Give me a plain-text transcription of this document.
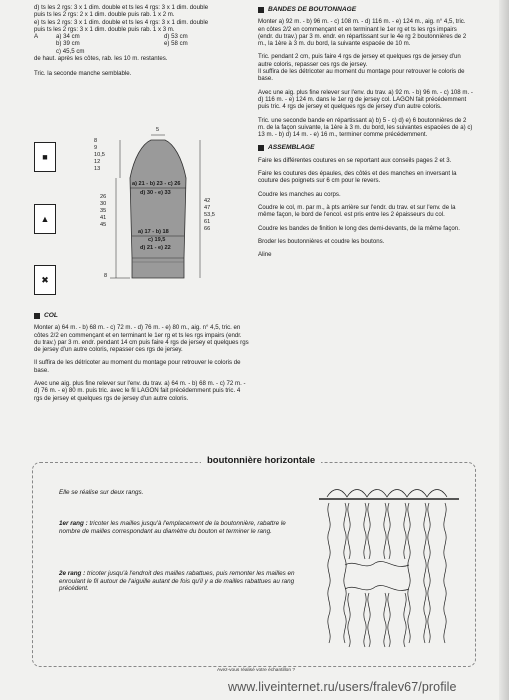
d) ts les 2 rgs: 3 x 1 dim. double et ts les 4 rgs: 3 x 1 dim. double
puis ts les 2 rgs: 2 x 1 dim. double puis rab. 1 x 2 m.
e) ts les 2 rgs: 3 x 1 dim. double et ts les 4 rgs: 3 x 1 dim. double
puis ts les 2 rgs: 3 x 1 dim. double puis rab. 1 x 3 m.
A	a) 34 cm	d) 53 cm
b) 39 cm	e) 58 cm
c) 45,5 cm

de haut. après les côtes, rab. les 10 m. restantes.

Tric. la seconde manche semblable.

■
▲
✖
5
8
9
10,5
12
13
26
30
35
41
45
a) 21 - b) 23 - c) 26
d) 30 - e) 33
42
47
53,5
61
66
a) 17 - b) 18
c) 19,5
d) 21 - e) 22
8
COL

Monter a) 64 m. - b) 68 m. - c) 72 m. - d) 76 m. - e) 80 m., aig. n° 4,5, tric. en côtes 2/2 en commençant et en terminant le 1er rg et ts les rgs impairs (endr. du trav.) par 3 m. endr. pendant 14 cm puis faire 4 rgs de jersey et quelques rgs de jersey d'un autre coloris, repasser ces rgs de jersey.

Il suffira de les détricoter au moment du montage pour retrouver le coloris de base.

Avec une aig. plus fine relever sur l'env. du trav. a) 64 m. - b) 68 m. - c) 72 m. - d) 76 m. - e) 80 m. puis tric. avec le fil LAGON fait précédemment puis tric. 4 rgs de jersey et quelques rgs de jersey d'un autre coloris.

BANDES DE BOUTONNAGE

Monter a) 92 m. - b) 96 m. - c) 108 m. - d) 116 m. - e) 124 m., aig. n° 4,5, tric. en côtes 2/2 en commençant et en terminant le 1er rg et ts les rgs impairs (endr. du trav.) par 3 m. endr. en répartissant sur le 4e rg 2 boutonnières de 2 m., la 1ère à 3 m. du bord, la suivante espacée de 10 m.

Tric. pendant 2 cm, puis faire 4 rgs de jersey et quelques rgs de jersey d'un autre coloris, repasser ces rgs de jersey.

Il suffira de les détricoter au moment du montage pour retrouver le coloris de base.

Avec une aig. plus fine relever sur l'env. du trav. a) 92 m. - b) 96 m. - c) 108 m. - d) 116 m. - e) 124 m. dans le 1er rg de jersey col. LAGON fait précédemment puis tric. 4 rgs de jersey et quelques rgs de jersey d'un autre coloris.

Tric. une seconde bande en répartissant a) b) 5 - c) d) e) 6 boutonnières de 2 m. de la façon suivante, la 1ère à 3 m. du bord, les suivantes espacées de a) c) 13 m. - b) d) 14 m. - e) 16 m., terminer comme précédemment.

ASSEMBLAGE

Faire les différentes coutures en se reportant aux conseils pages 2 et 3.

Faire les coutures des épaules, des côtés et des manches en inversant la couture des poignets sur 6 cm pour le revers.

Coudre les manches au corps.

Coudre le col, m. par m., à pts arrière sur l'endr. du trav. et sur l'env. de la même façon, le bord de l'encol. est pris entre les 2 épaisseurs du col.

Coudre les bandes de finition le long des demi-devants, de la même façon.

Broder les boutonnières et coudre les boutons.

Aline

boutonnière horizontale
Elle se réalise sur deux rangs.
1er rang : tricoter les mailles jusqu'à l'emplacement de la boutonnière, rabattre le nombre de mailles correspondant au diamètre du bouton et terminer le rang.
2e rang : tricoter jusqu'à l'endroit des mailles rabattues, puis remonter les mailles en enroulant le fil autour de l'aiguille autant de fois qu'il y a de mailles rabattues au rang précédent.
Avez-vous réalisé votre échantillon ?
www.liveinternet.ru/users/fralev67/profile
